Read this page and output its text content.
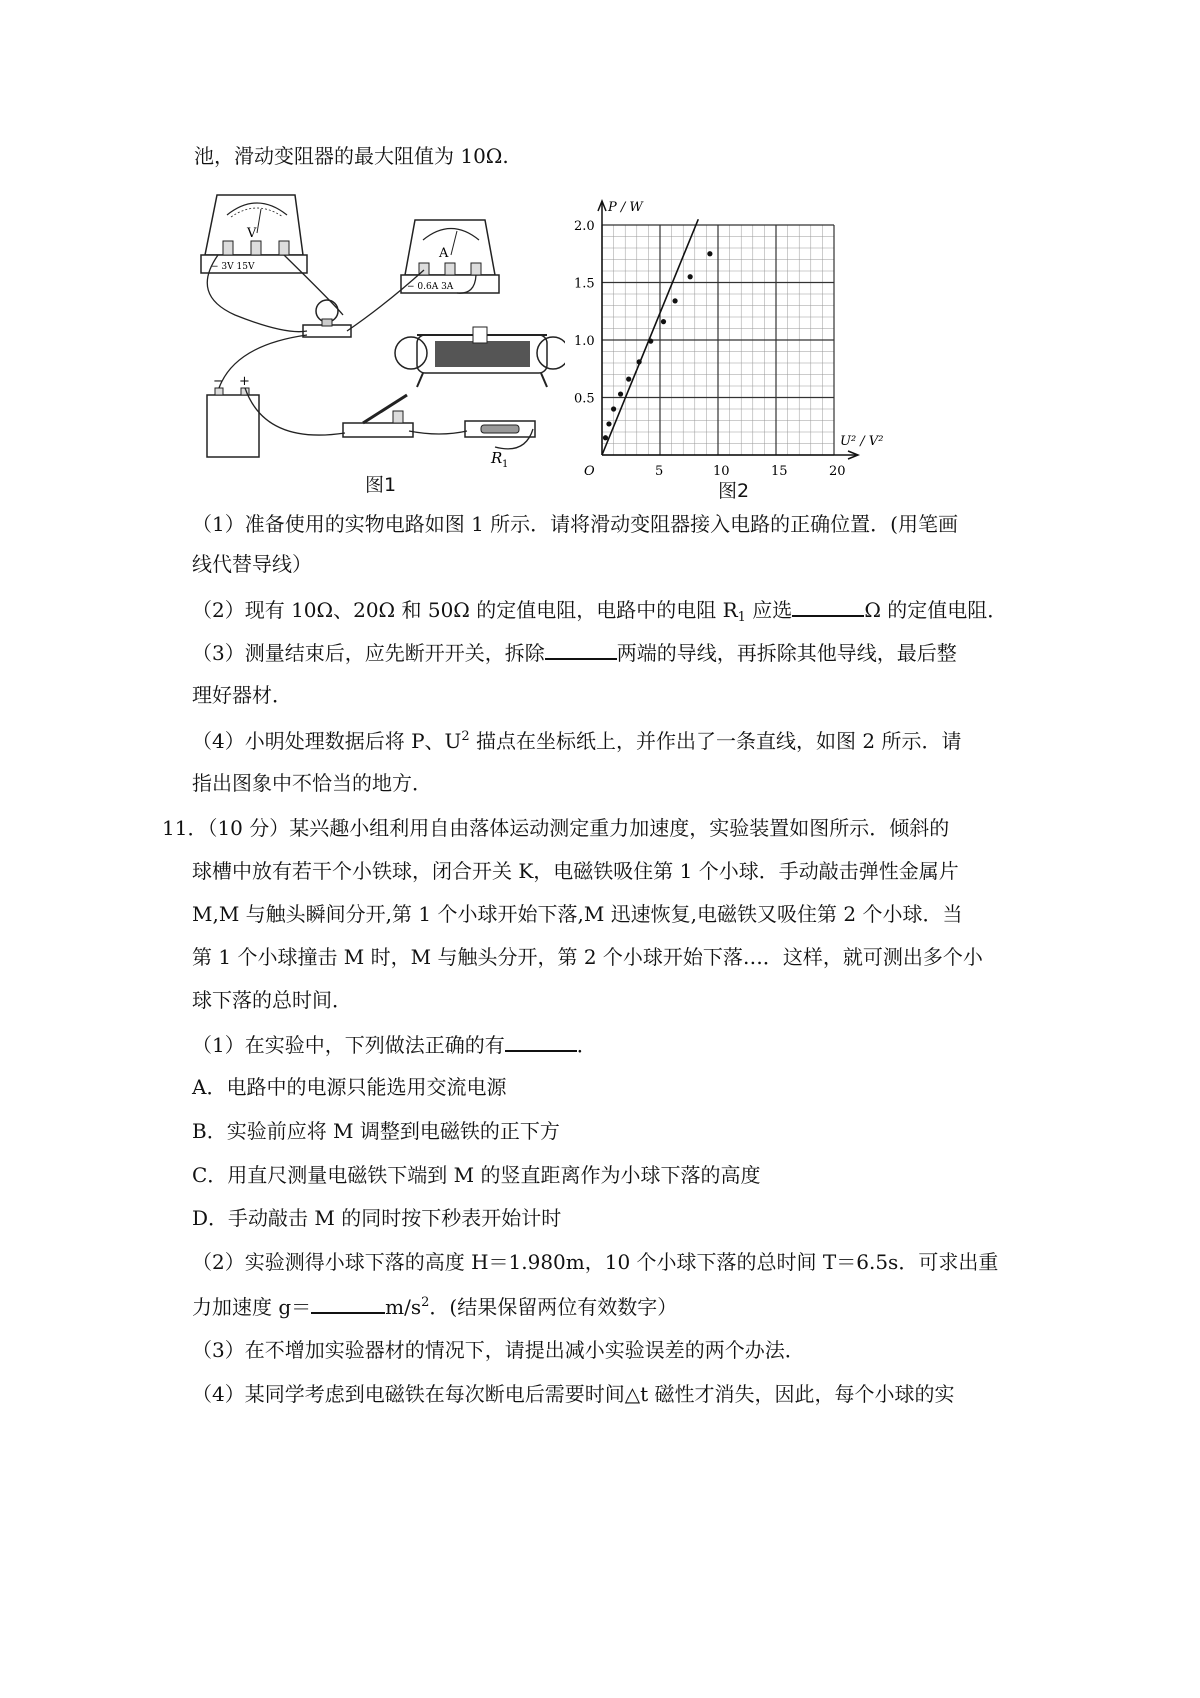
池，滑动变阻器的最大阻值为 10Ω.
V
− 3V 15V
A
− 0.6A 3A
− +
R 1
图1
5	10	15	20
0.5
1.0
1.5
2.0
O
P / W
U² / V²
图2
（1）准备使用的实物电路如图 1 所示．请将滑动变阻器接入电路的正确位置．(用笔画
线代替导线）
（2）现有 10Ω、20Ω 和 50Ω 的定值电阻，电路中的电阻 $R_1$ 应选	Ω 的定值电阻．
（3）测量结束后，应先断开开关，拆除	两端的导线，再拆除其他导线，最后整
理好器材．
（4）小明处理数据后将 P、$U^2$ 描点在坐标纸上，并作出了一条直线，如图 2 所示．请
指出图象中不恰当的地方．
11．（10 分）某兴趣小组利用自由落体运动测定重力加速度，实验装置如图所示．倾斜的
球槽中放有若干个小铁球，闭合开关 K，电磁铁吸住第 1 个小球．手动敲击弹性金属片
M,M 与触头瞬间分开,第 1 个小球开始下落,M 迅速恢复,电磁铁又吸住第 2 个小球．当
第 1 个小球撞击 M 时，M 与触头分开，第 2 个小球开始下落…．这样，就可测出多个小
球下落的总时间．
（1）在实验中，下列做法正确的有	．
A．电路中的电源只能选用交流电源
B．实验前应将 M 调整到电磁铁的正下方
C．用直尺测量电磁铁下端到 M 的竖直距离作为小球下落的高度
D．手动敲击 M 的同时按下秒表开始计时
（2）实验测得小球下落的高度 H＝1.980m，10 个小球下落的总时间 T＝6.5s．可求出重
力加速度 g＝	$m/s^2$．(结果保留两位有效数字）
（3）在不增加实验器材的情况下，请提出减小实验误差的两个办法．
（4）某同学考虑到电磁铁在每次断电后需要时间△t 磁性才消失，因此，每个小球的实
